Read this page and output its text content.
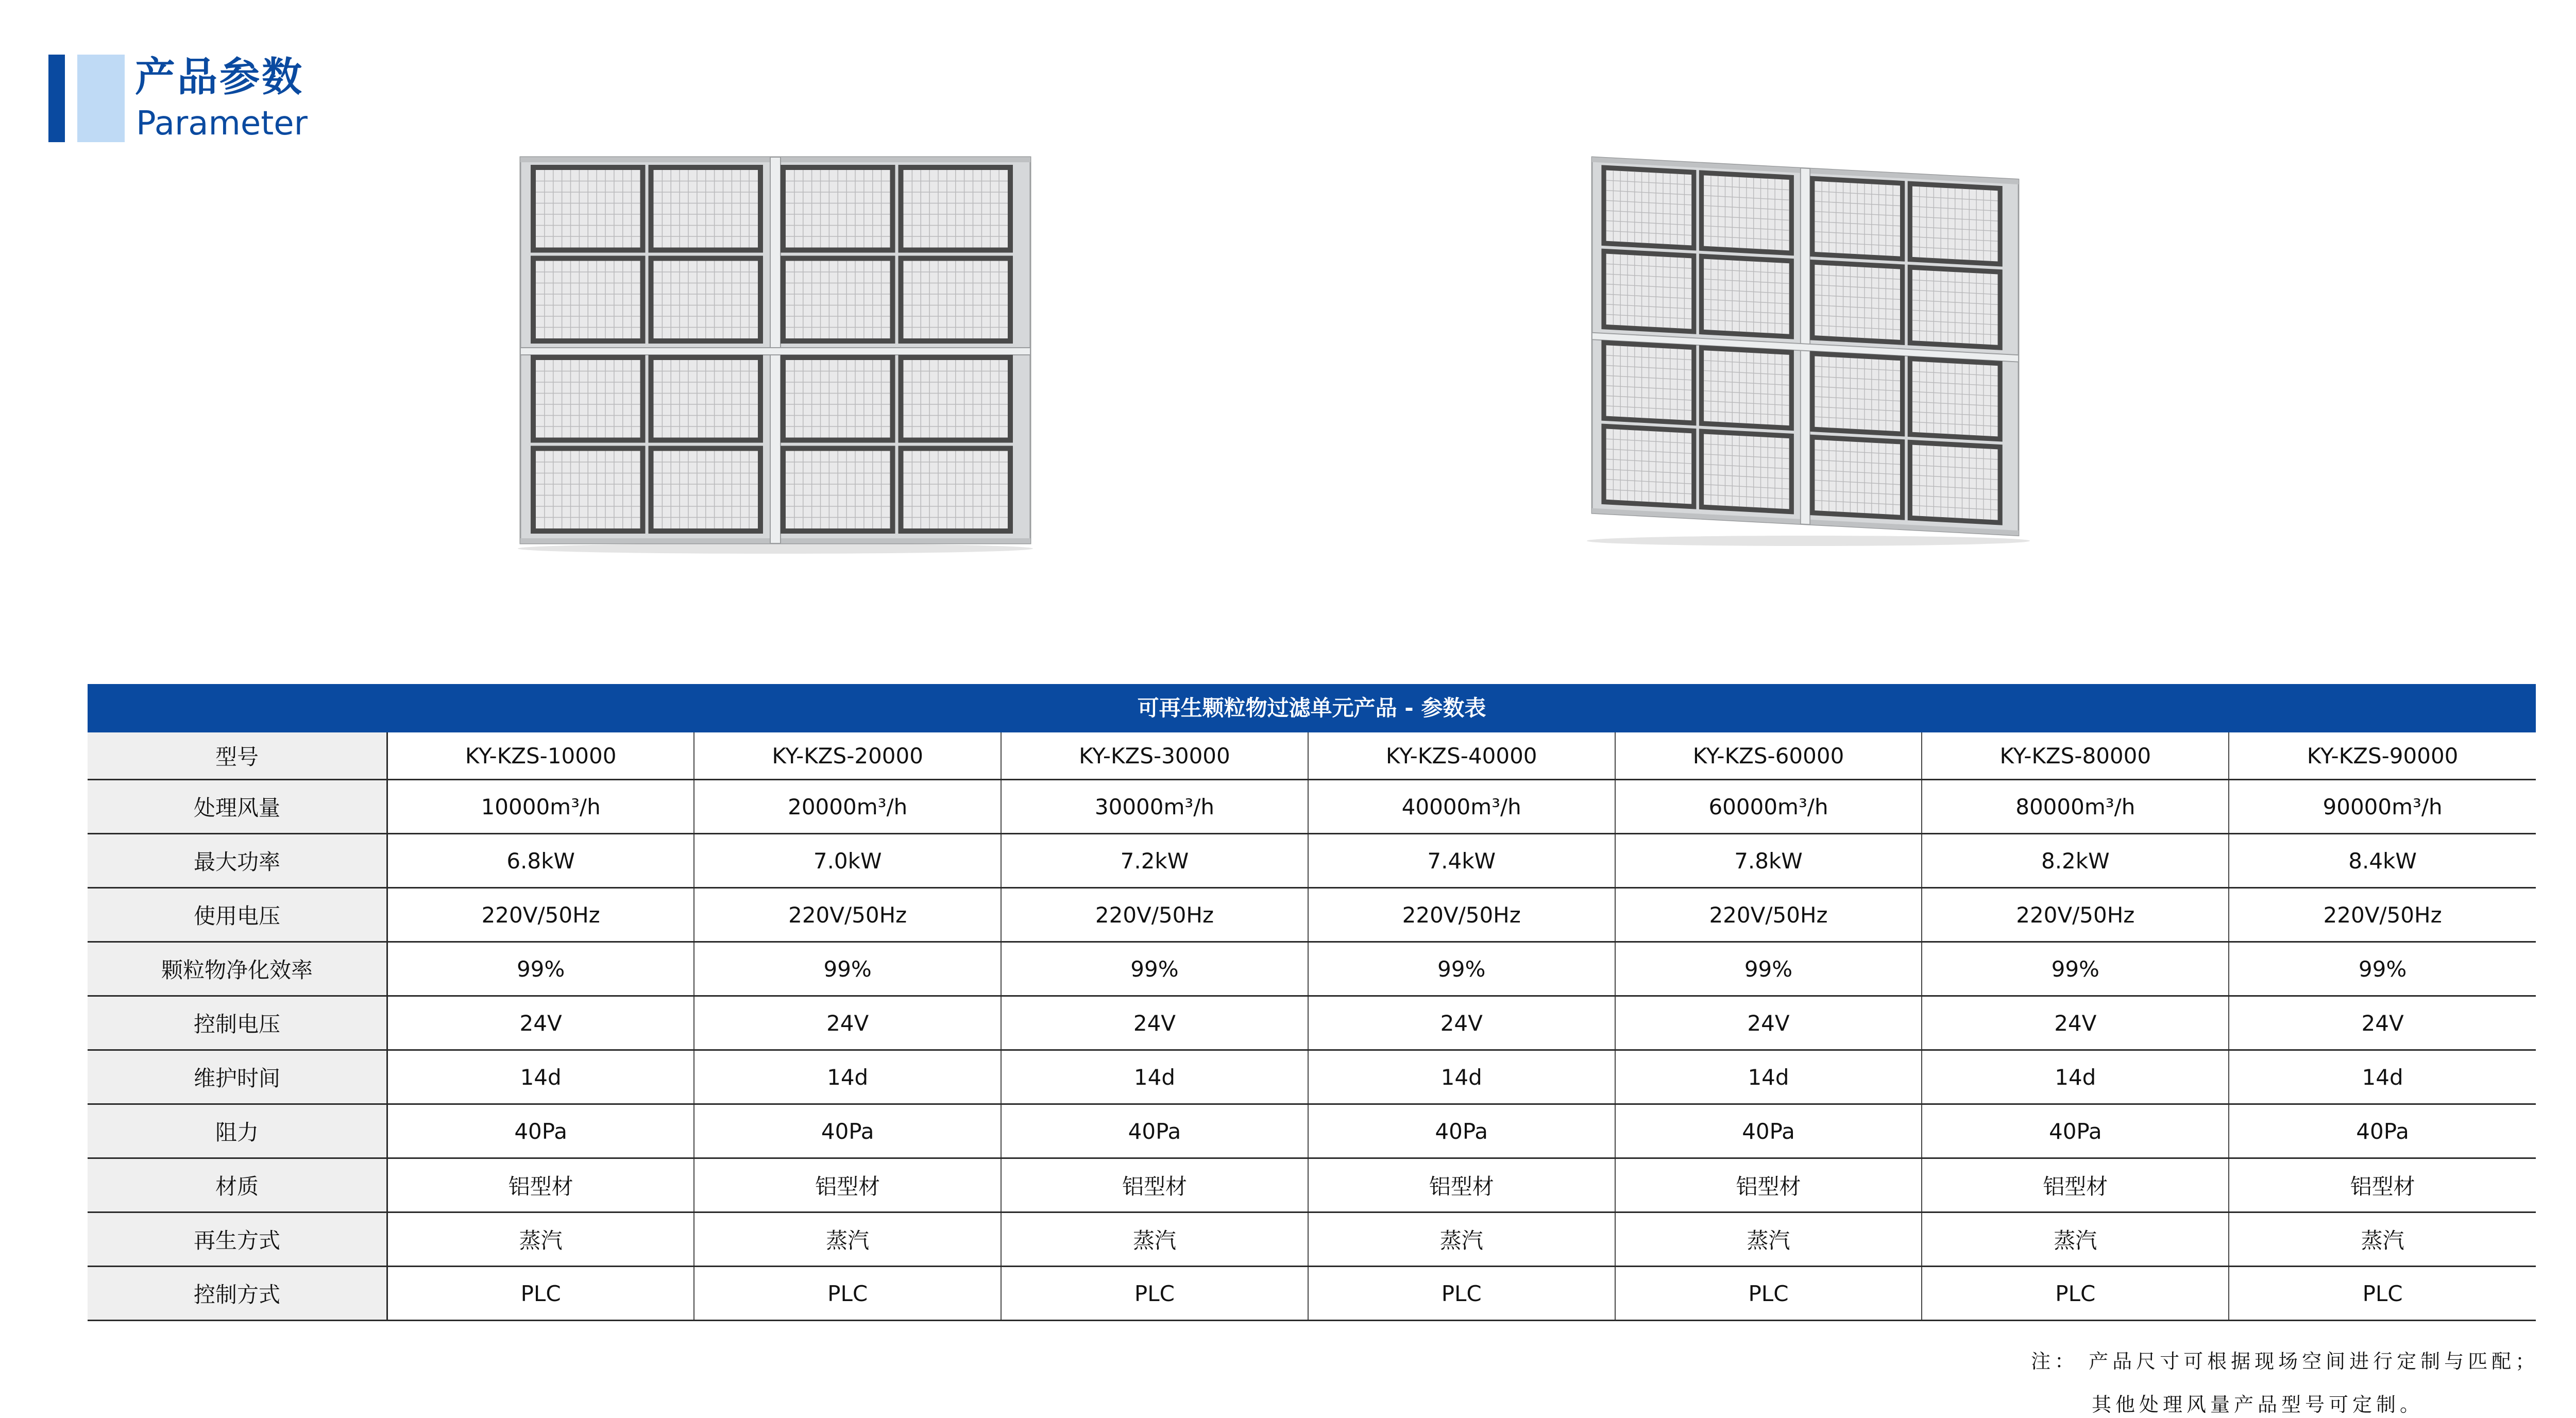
产品参数
Parameter
可再生颗粒物过滤单元产品 - 参数表
型号	KY-KZS-10000	KY-KZS-20000	KY-KZS-30000	KY-KZS-40000	KY-KZS-60000	KY-KZS-80000	KY-KZS-90000
处理风量	10000m³/h	20000m³/h	30000m³/h	40000m³/h	60000m³/h	80000m³/h	90000m³/h
最大功率	6.8kW	7.0kW	7.2kW	7.4kW	7.8kW	8.2kW	8.4kW
使用电压	220V/50Hz	220V/50Hz	220V/50Hz	220V/50Hz	220V/50Hz	220V/50Hz	220V/50Hz
颗粒物净化效率	99%	99%	99%	99%	99%	99%	99%
控制电压	24V	24V	24V	24V	24V	24V	24V
维护时间	14d	14d	14d	14d	14d	14d	14d
阻力	40Pa	40Pa	40Pa	40Pa	40Pa	40Pa	40Pa
材质	铝型材	铝型材	铝型材	铝型材	铝型材	铝型材	铝型材
再生方式	蒸汽	蒸汽	蒸汽	蒸汽	蒸汽	蒸汽	蒸汽
控制方式	PLC	PLC	PLC	PLC	PLC	PLC	PLC
注： 产品尺寸可根据现场空间进行定制与匹配；
其他处理风量产品型号可定制。
